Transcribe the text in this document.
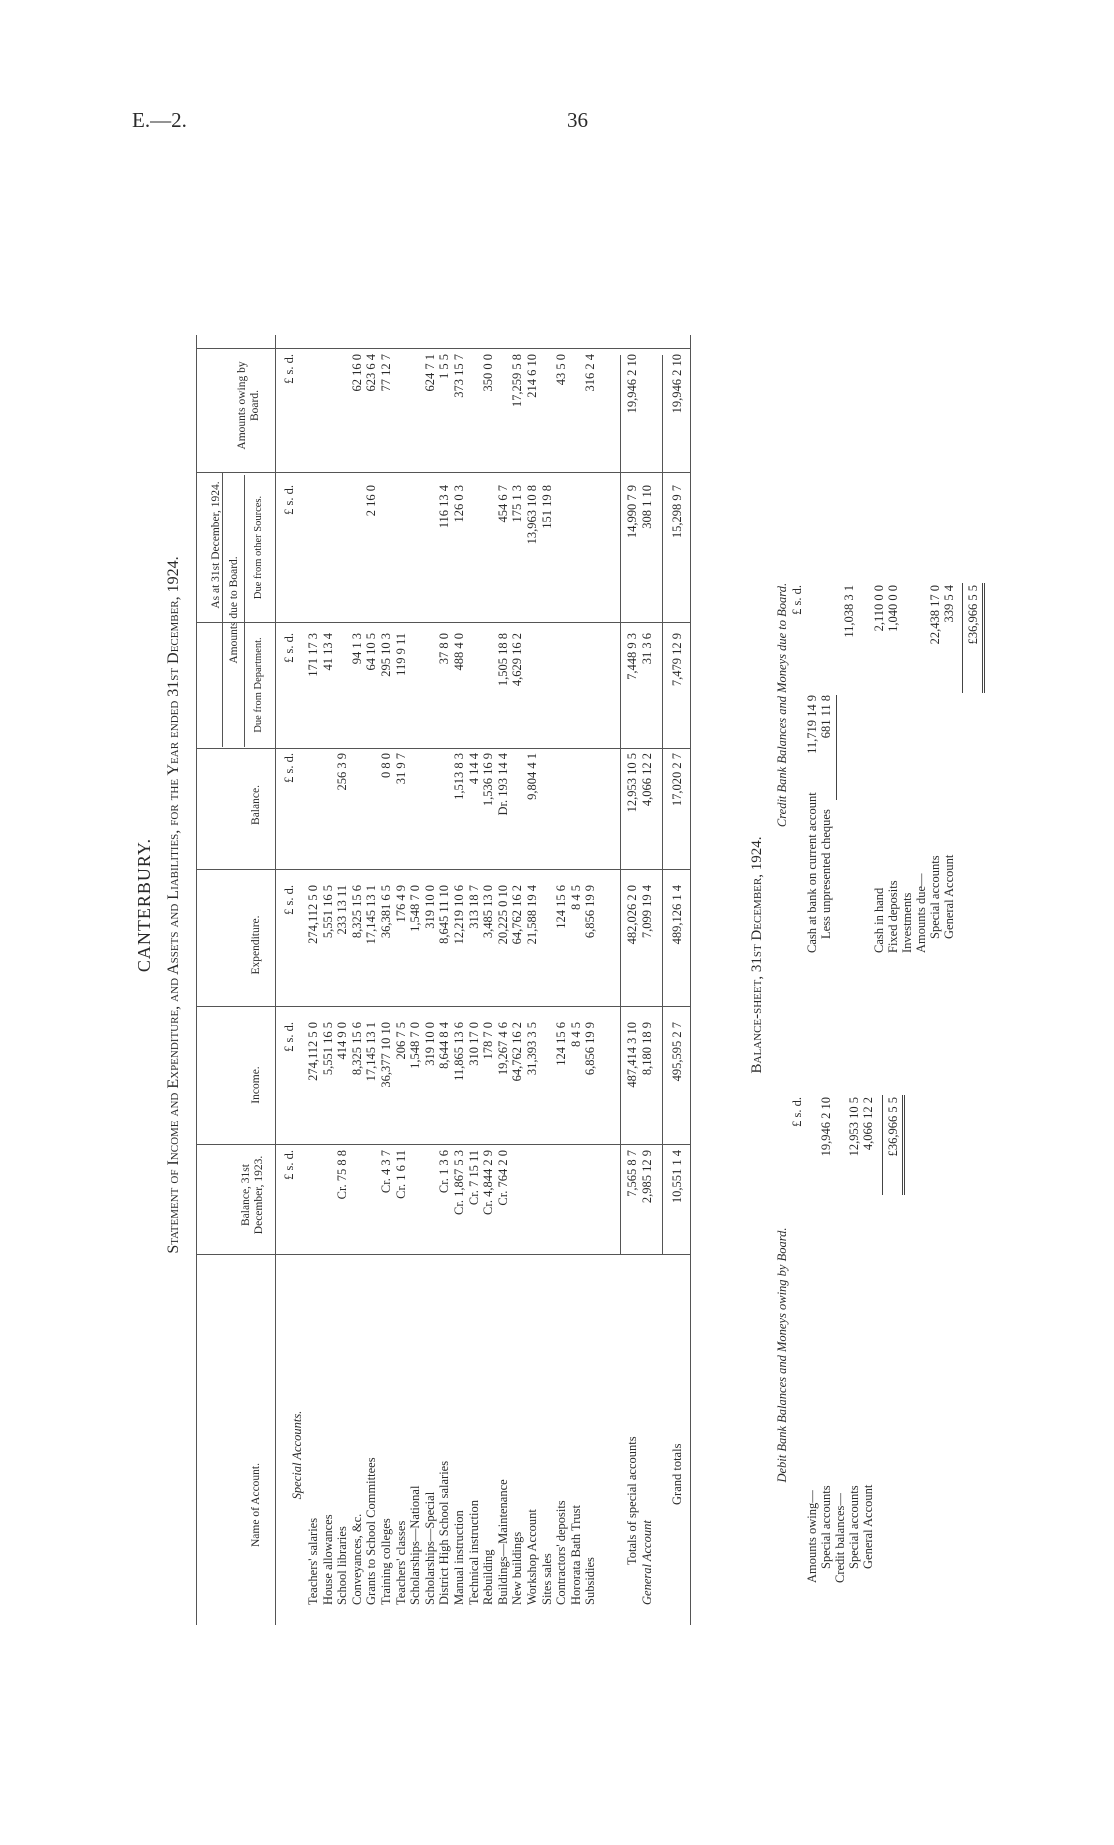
E.—2.	36
CANTERBURY. Statement of Income and Expenditure, and Assets and Liabilities, for the Year ended 31st December, 1924.
Name of Account.
Balance, 31st December, 1923.
Income.
Expenditure.
Balance.
As at 31st December, 1924.
Amounts due to Board.
Due from Department.
Due from other Sources.
Amounts owing by Board.
£ s. d.
£ s. d.
£ s. d.
£ s. d.
£ s. d.
£ s. d.
£ s. d.
Special Accounts.
Teachers' salaries
274,112 5 0
274,112 5 0
171 17 3
House allowances
5,551 16 5
5,551 16 5
41 13 4
School libraries
Cr. 75 8 8
414 9 0
233 13 11
256 3 9
Conveyances, &c.
8,325 15 6
8,325 15 6
94 1 3
62 16 0
Grants to School Committees
17,145 13 1
17,145 13 1
64 10 5
2 16 0
623 6 4
Training colleges
Cr. 4 3 7
36,377 10 10
36,381 6 5
0 8 0
295 10 3
77 12 7
Teachers' classes
Cr. 1 6 11
206 7 5
176 4 9
31 9 7
119 9 11
Scholarships—National
1,548 7 0
1,548 7 0
Scholarships—Special
319 10 0
319 10 0
624 7 1
District High School salaries
Cr. 1 3 6
8,644 8 4
8,645 11 10
37 8 0
116 13 4
1 5 5
Manual instruction
Cr. 1,867 5 3
11,865 13 6
12,219 10 6
1,513 8 3
488 4 0
126 0 3
373 15 7
Technical instruction
Cr. 7 15 11
310 17 0
313 18 7
4 14 4
Rebuilding
Cr. 4,844 2 9
178 7 0
3,485 13 0
1,536 16 9
350 0 0
Buildings—Maintenance
Cr. 764 2 0
19,267 4 6
20,225 0 10
Dr. 193 14 4
1,505 18 8
454 6 7
New buildings
64,762 16 2
64,762 16 2
4,629 16 2
175 1 3
17,259 5 8
Workshop Account
31,393 3 5
21,588 19 4
9,804 4 1
13,963 10 8
214 6 10
Sites sales
151 19 8
Contractors' deposits
124 15 6
124 15 6
43 5 0
Hororata Bath Trust
8 4 5
8 4 5
Subsidies
6,856 19 9
6,856 19 9
316 2 4
Totals of special accounts
7,565 8 7
487,414 3 10
482,026 2 0
12,953 10 5
7,448 9 3
14,990 7 9
19,946 2 10
General Account
2,985 12 9
8,180 18 9
7,099 19 4
4,066 12 2
31 3 6
308 1 10
Grand totals
10,551 1 4
495,595 2 7
489,126 1 4
17,020 2 7
7,479 12 9
15,298 9 7
19,946 2 10
Balance-sheet, 31st December, 1924.
Debit Bank Balances and Moneys owing by Board.
Credit Bank Balances and Moneys due to Board.
£ s. d.
£ s. d.
Amounts owing— Special accounts
19,946 2 10
Credit balances— Special accounts
12,953 10 5
General Account
4,066 12 2 £36,966 5 5
Cash at bank on current account
11,719 14 9
Less unpresented cheques
681 11 8
11,038 3 1
Cash in hand
2,110 0 0
Fixed deposits
1,040 0 0
Investments Amounts due— Special accounts
22,438 17 0
General Account
339 5 4 £36,966 5 5
